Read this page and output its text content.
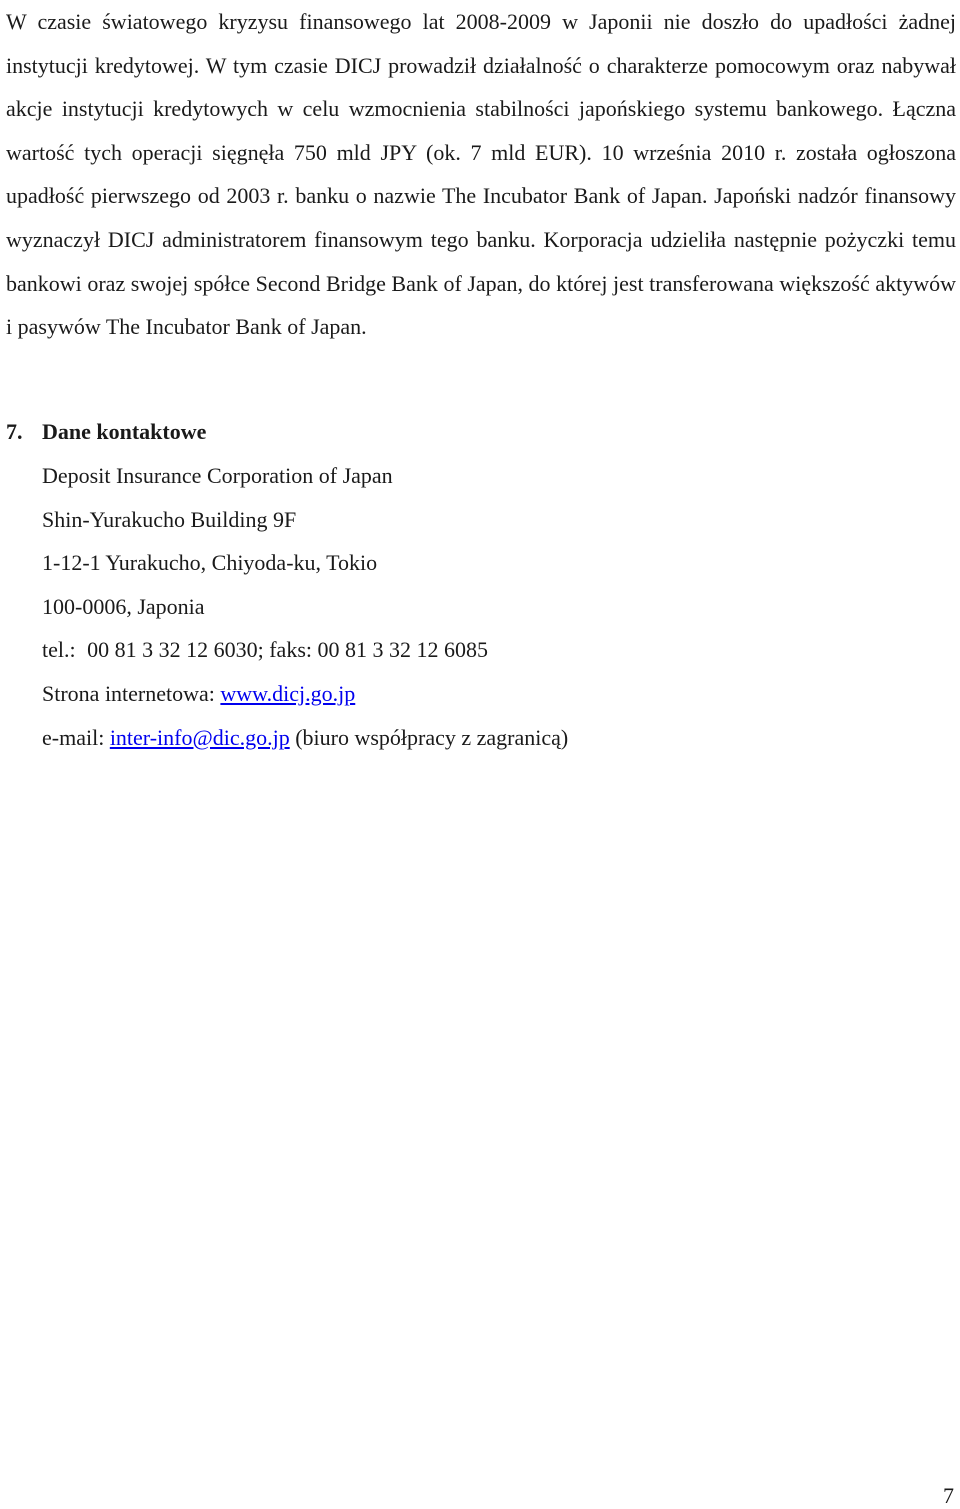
W czasie światowego kryzysu finansowego lat 2008-2009 w Japonii nie doszło do upadłości żadnej instytucji kredytowej. W tym czasie DICJ prowadził działalność o charakterze pomocowym oraz nabywał akcje instytucji kredytowych w celu wzmocnienia stabilności japońskiego systemu bankowego. Łączna wartość tych operacji sięgnęła 750 mld JPY (ok. 7 mld EUR). 10 września 2010 r. została ogłoszona upadłość pierwszego od 2003 r. banku o nazwie The Incubator Bank of Japan. Japoński nadzór finansowy wyznaczył DICJ administratorem finansowym tego banku. Korporacja udzieliła następnie pożyczki temu bankowi oraz swojej spółce Second Bridge Bank of Japan, do której jest transferowana większość aktywów i pasywów The Incubator Bank of Japan.

7. Dane kontaktowe
Deposit Insurance Corporation of Japan
Shin-Yurakucho Building 9F
1-12-1 Yurakucho, Chiyoda-ku, Tokio
100-0006, Japonia
tel.: 00 81 3 32 12 6030; faks: 00 81 3 32 12 6085
Strona internetowa: www.dicj.go.jp
e-mail: inter-info@dic.go.jp (biuro współpracy z zagranicą)
7
